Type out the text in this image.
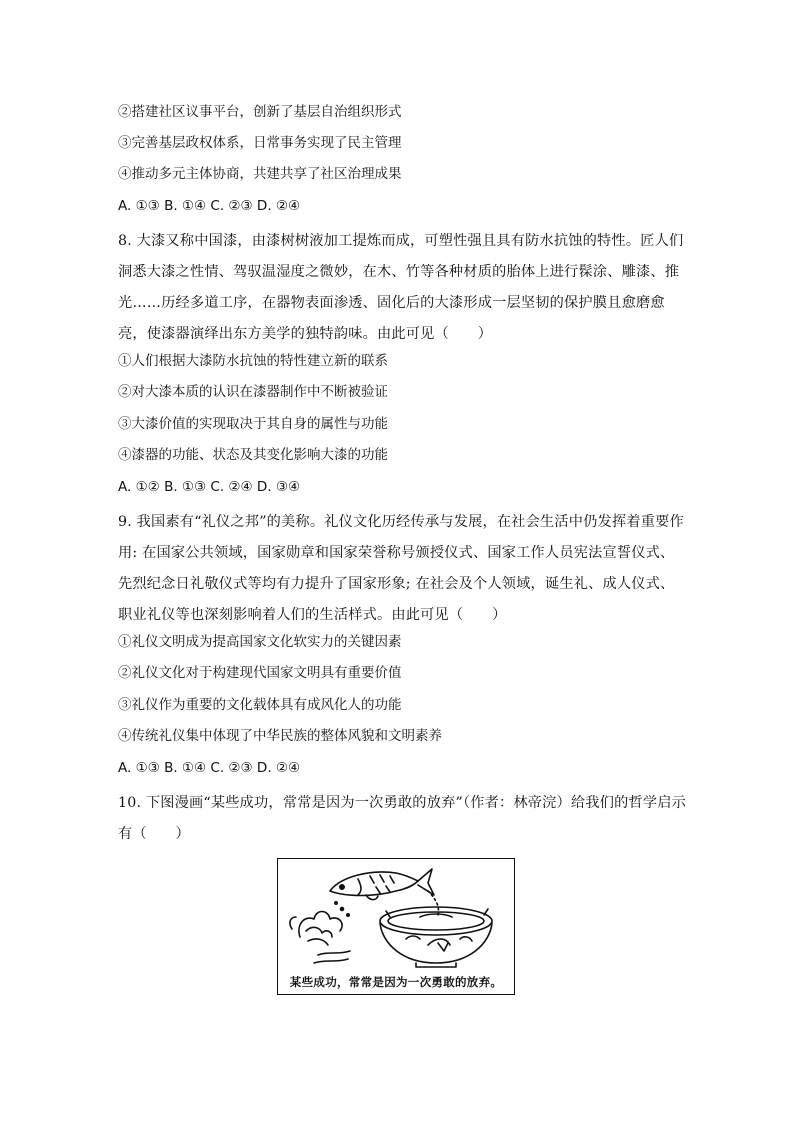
②搭建社区议事平台，创新了基层自治组织形式
③完善基层政权体系，日常事务实现了民主管理
④推动多元主体协商，共建共享了社区治理成果
A. ①③ B. ①④ C. ②③ D. ②④
8. 大漆又称中国漆，由漆树树液加工提炼而成，可塑性强且具有防水抗蚀的特性。匠人们洞悉大漆之性情、驾驭温湿度之微妙，在木、竹等各种材质的胎体上进行髹涂、雕漆、推光……历经多道工序，在器物表面渗透、固化后的大漆形成一层坚韧的保护膜且愈磨愈亮，使漆器演绎出东方美学的独特韵味。由此可见（　　）
①人们根据大漆防水抗蚀的特性建立新的联系
②对大漆本质的认识在漆器制作中不断被验证
③大漆价值的实现取决于其自身的属性与功能
④漆器的功能、状态及其变化影响大漆的功能
A. ①② B. ①③ C. ②④ D. ③④
9. 我国素有“礼仪之邦”的美称。礼仪文化历经传承与发展，在社会生活中仍发挥着重要作用: 在国家公共领域，国家勋章和国家荣誉称号颁授仪式、国家工作人员宪法宣誓仪式、先烈纪念日礼敬仪式等均有力提升了国家形象; 在社会及个人领域，诞生礼、成人仪式、职业礼仪等也深刻影响着人们的生活样式。由此可见（　　）
①礼仪文明成为提高国家文化软实力的关键因素
②礼仪文化对于构建现代国家文明具有重要价值
③礼仪作为重要的文化载体具有成风化人的功能
④传统礼仪集中体现了中华民族的整体风貌和文明素养
A. ①③ B. ①④ C. ②③ D. ②④
10. 下图漫画“某些成功，常常是因为一次勇敢的放弃”（作者：林帝浣）给我们的哲学启示有（　　）
某些成功，常常是因为一次勇敢的放弃。
